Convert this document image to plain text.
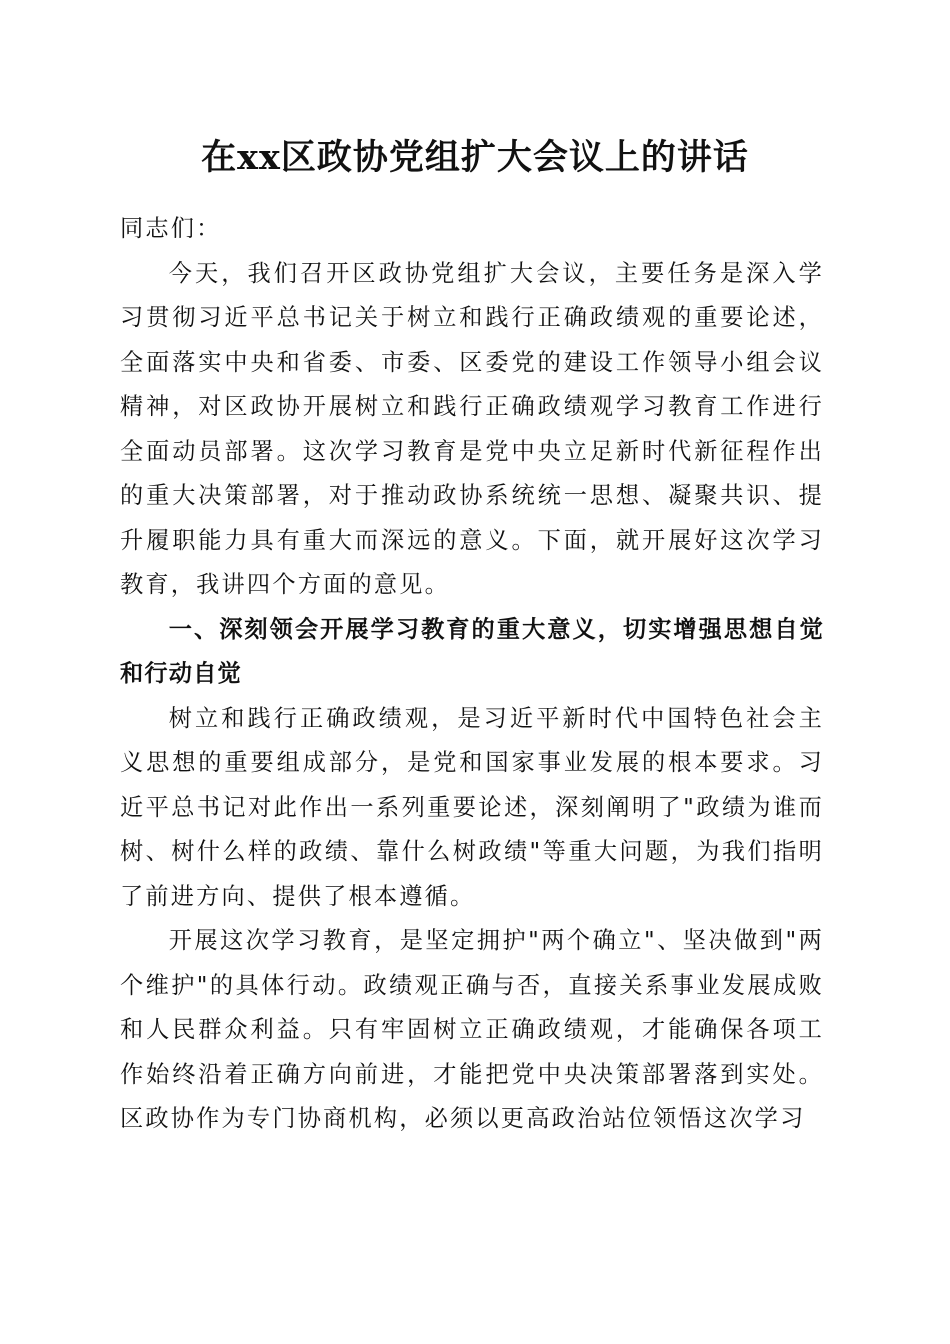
在xx区政协党组扩大会议上的讲话

同志们：

今天，我们召开区政协党组扩大会议，主要任务是深入学习贯彻习近平总书记关于树立和践行正确政绩观的重要论述，全面落实中央和省委、市委、区委党的建设工作领导小组会议精神，对区政协开展树立和践行正确政绩观学习教育工作进行全面动员部署。这次学习教育是党中央立足新时代新征程作出的重大决策部署，对于推动政协系统统一思想、凝聚共识、提升履职能力具有重大而深远的意义。下面，就开展好这次学习教育，我讲四个方面的意见。

一、深刻领会开展学习教育的重大意义，切实增强思想自觉和行动自觉

树立和践行正确政绩观，是习近平新时代中国特色社会主义思想的重要组成部分，是党和国家事业发展的根本要求。习近平总书记对此作出一系列重要论述，深刻阐明了"政绩为谁而树、树什么样的政绩、靠什么树政绩"等重大问题，为我们指明了前进方向、提供了根本遵循。

开展这次学习教育，是坚定拥护"两个确立"、坚决做到"两个维护"的具体行动。政绩观正确与否，直接关系事业发展成败和人民群众利益。只有牢固树立正确政绩观，才能确保各项工作始终沿着正确方向前进，才能把党中央决策部署落到实处。区政协作为专门协商机构，必须以更高政治站位领悟这次学习
